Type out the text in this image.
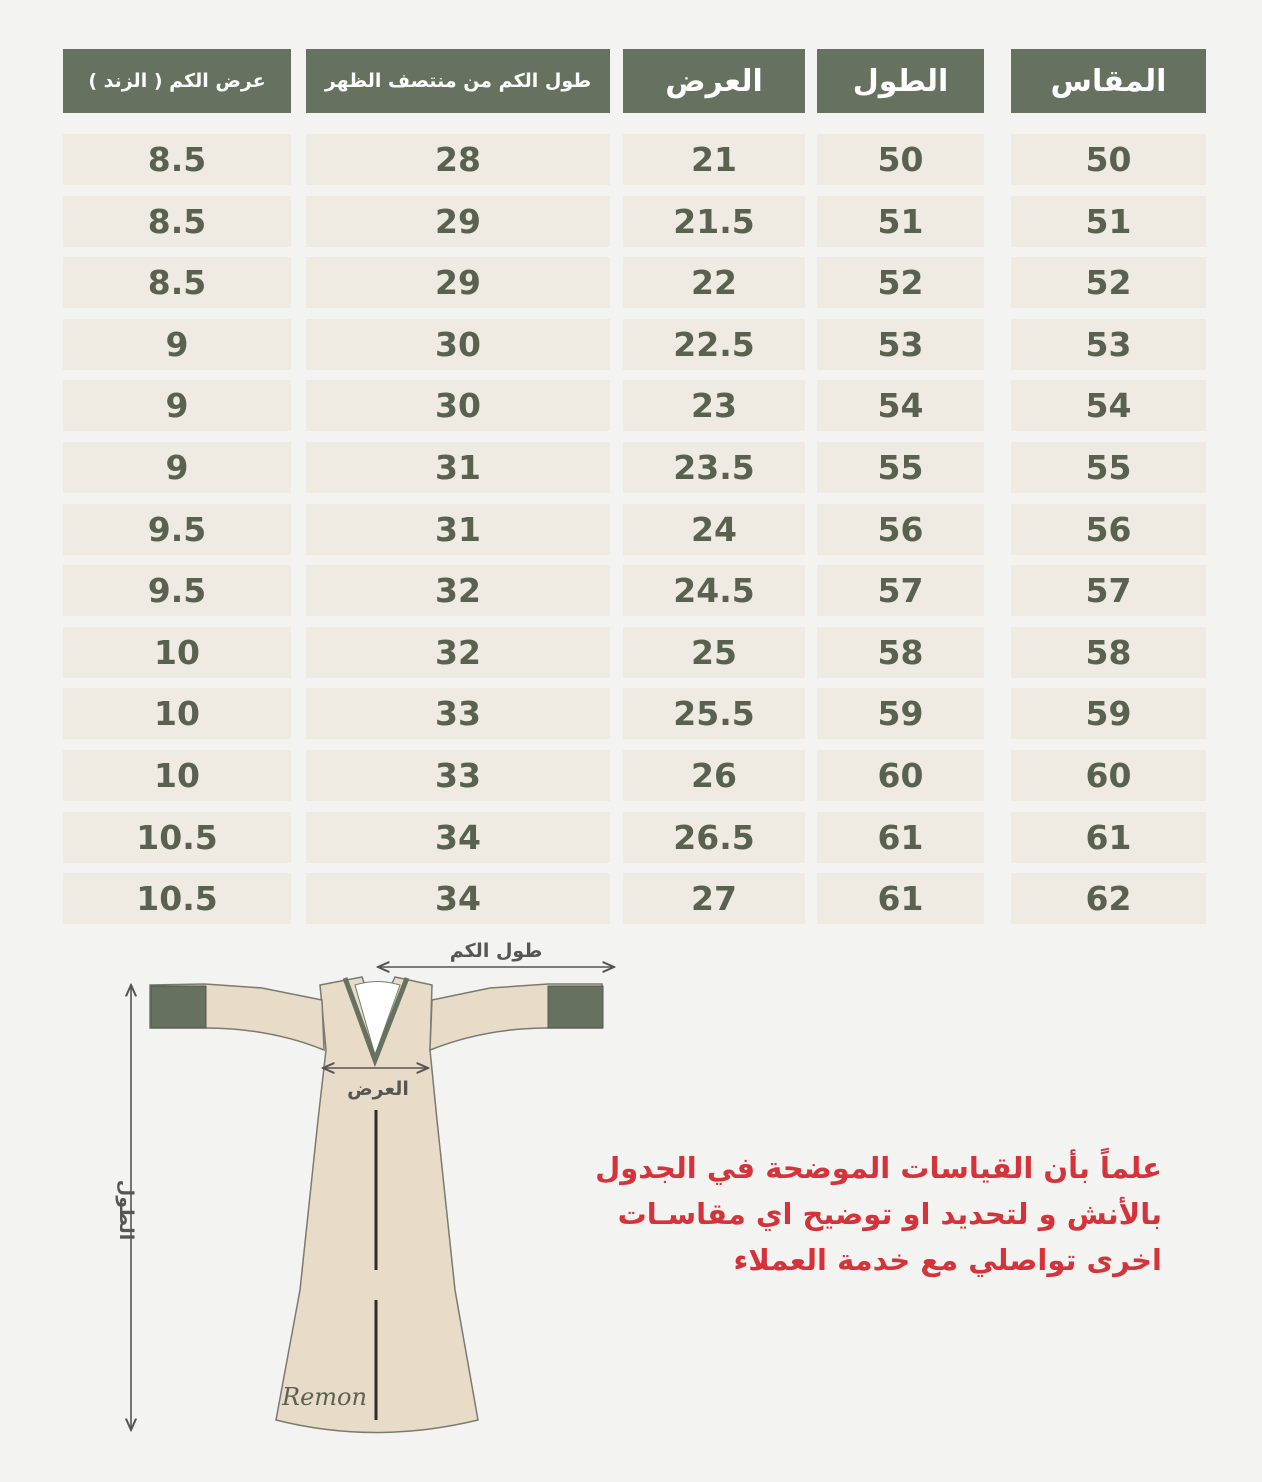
المقاس
الطول
العرض
طول الكم من منتصف الظهر
عرض الكم ( الزند )
50
50
21
28
8.5
51
51
21.5
29
8.5
52
52
22
29
8.5
53
53
22.5
30
9
54
54
23
30
9
55
55
23.5
31
9
56
56
24
31
9.5
57
57
24.5
32
9.5
58
58
25
32
10
59
59
25.5
33
10
60
60
26
33
10
61
61
26.5
34
10.5
62
61
27
34
10.5
طول الكم
العرض
الطول
Remon
علماً بأن القياسات الموضحة في الجدول
بالأنش و لتحديد او توضيح اي مقاسـات
اخرى تواصلي مع خدمة العملاء
